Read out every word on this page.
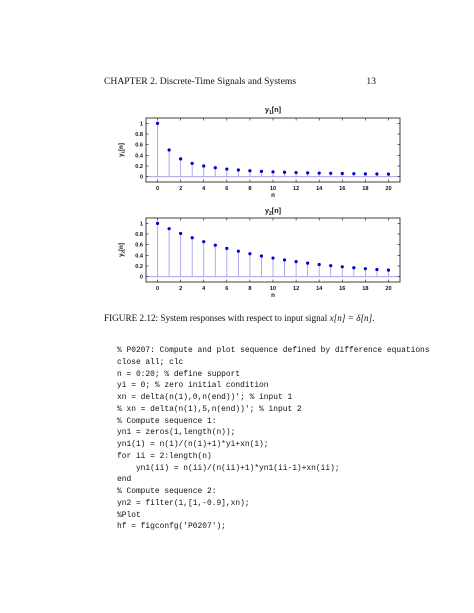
CHAPTER 2. Discrete-Time Signals and Systems	13
0	2	4	6	8	10	12	14	16	18	20
0
0.2
0.4
0.6
0.8
1
$y_1[n]$
n
$y_1[n]$
0	2	4	6	8	10	12	14	16	18	20
0
0.2
0.4
0.6
0.8
1
$y_2[n]$
n
$y_2[n]$
FIGURE 2.12: System responses with respect to input signal x[n] = δ[n].
% P0207: Compute and plot sequence defined by difference equations
close all; clc
n = 0:20; % define support
yi = 0; % zero initial condition
xn = delta(n(1),0,n(end))'; % input 1
% xn = delta(n(1),5,n(end))'; % input 2
% Compute sequence 1:
yn1 = zeros(1,length(n));
yn1(1) = n(1)/(n(1)+1)*yi+xn(1);
for ii = 2:length(n)
yn1(ii) = n(ii)/(n(ii)+1)*yn1(ii-1)+xn(ii);
end
% Compute sequence 2:
yn2 = filter(1,[1,-0.9],xn);
%Plot
hf = figconfg('P0207');
